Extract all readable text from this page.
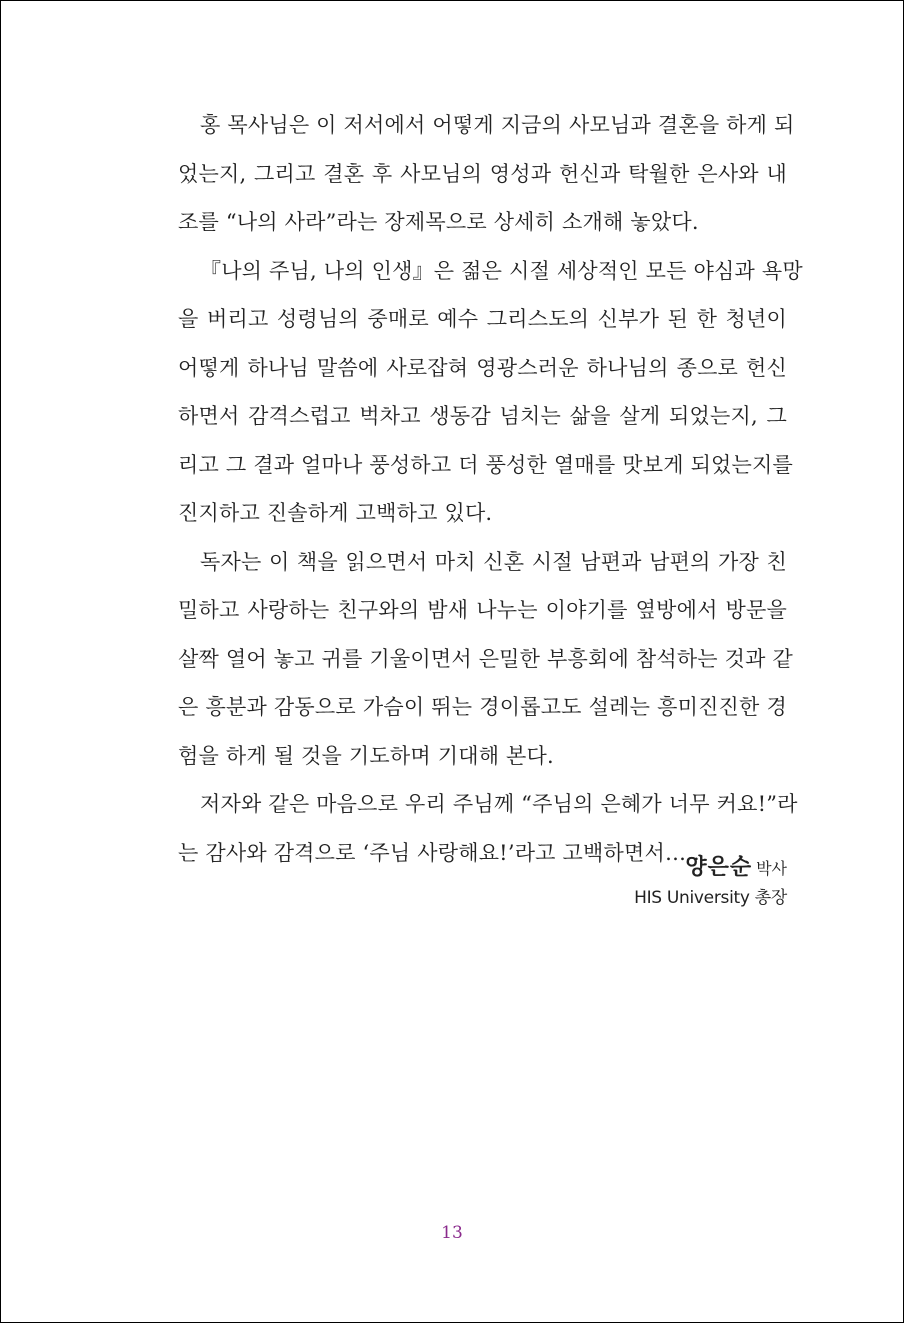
홍 목사님은 이 저서에서 어떻게 지금의 사모님과 결혼을 하게 되
었는지, 그리고 결혼 후 사모님의 영성과 헌신과 탁월한 은사와 내
조를 “나의 사라”라는 장제목으로 상세히 소개해 놓았다.
『나의 주님, 나의 인생』은 젊은 시절 세상적인 모든 야심과 욕망
을 버리고 성령님의 중매로 예수 그리스도의 신부가 된 한 청년이
어떻게 하나님 말씀에 사로잡혀 영광스러운 하나님의 종으로 헌신
하면서 감격스럽고 벅차고 생동감 넘치는 삶을 살게 되었는지, 그
리고 그 결과 얼마나 풍성하고 더 풍성한 열매를 맛보게 되었는지를
진지하고 진솔하게 고백하고 있다.
독자는 이 책을 읽으면서 마치 신혼 시절 남편과 남편의 가장 친
밀하고 사랑하는 친구와의 밤새 나누는 이야기를 옆방에서 방문을
살짝 열어 놓고 귀를 기울이면서 은밀한 부흥회에 참석하는 것과 같
은 흥분과 감동으로 가슴이 뛰는 경이롭고도 설레는 흥미진진한 경
험을 하게 될 것을 기도하며 기대해 본다.
저자와 같은 마음으로 우리 주님께 “주님의 은혜가 너무 커요!”라
는 감사와 감격으로 ‘주님 사랑해요!’라고 고백하면서… .
양은순 박사
HIS University 총장
13
